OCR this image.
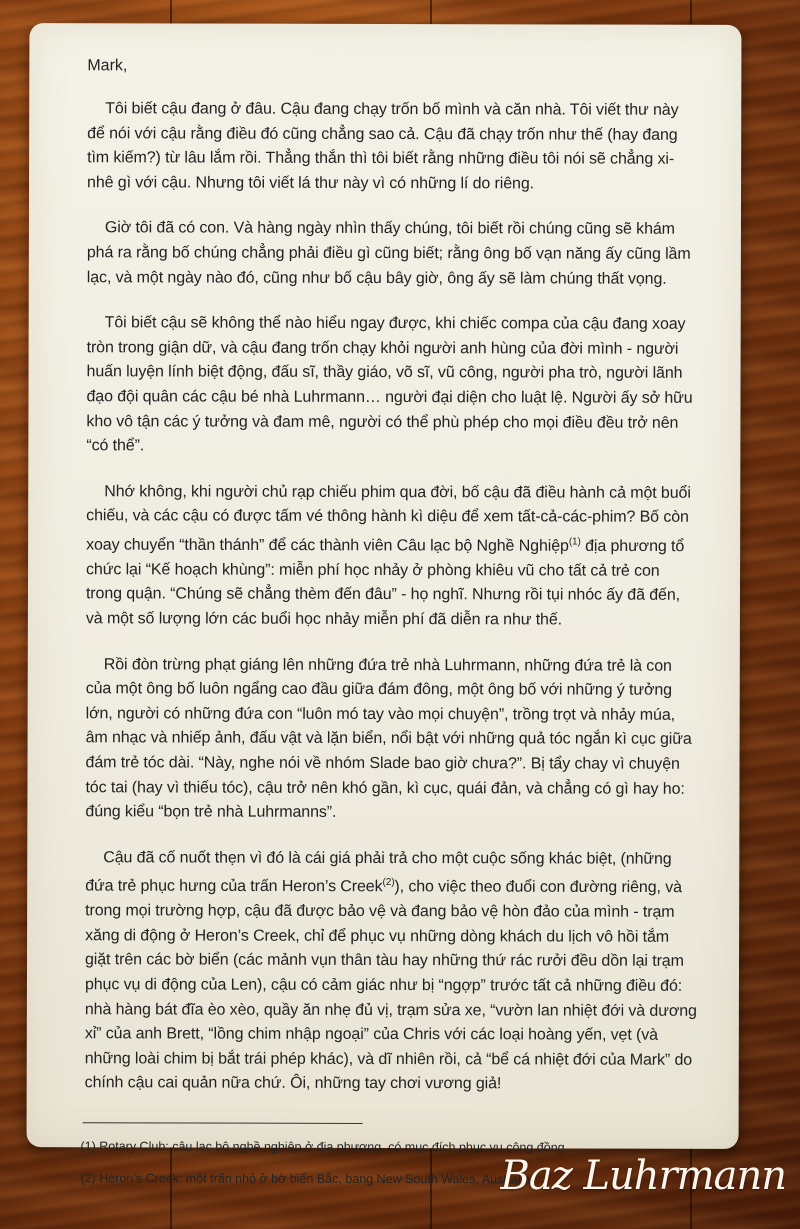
Mark,

Tôi biết cậu đang ở đâu. Cậu đang chạy trốn bố mình và căn nhà. Tôi viết thư này để nói với cậu rằng điều đó cũng chẳng sao cả. Cậu đã chạy trốn như thế (hay đang tìm kiếm?) từ lâu lắm rồi. Thẳng thắn thì tôi biết rằng những điều tôi nói sẽ chẳng xi-nhê gì với cậu. Nhưng tôi viết lá thư này vì có những lí do riêng.

Giờ tôi đã có con. Và hàng ngày nhìn thấy chúng, tôi biết rồi chúng cũng sẽ khám phá ra rằng bố chúng chẳng phải điều gì cũng biết; rằng ông bố vạn năng ấy cũng lầm lạc, và một ngày nào đó, cũng như bố cậu bây giờ, ông ấy sẽ làm chúng thất vọng.

Tôi biết cậu sẽ không thể nào hiểu ngay được, khi chiếc compa của cậu đang xoay tròn trong giận dữ, và cậu đang trốn chạy khỏi người anh hùng của đời mình - người huấn luyện lính biệt động, đấu sĩ, thầy giáo, võ sĩ, vũ công, người pha trò, người lãnh đạo đội quân các cậu bé nhà Luhrmann… người đại diện cho luật lệ. Người ấy sở hữu kho vô tận các ý tưởng và đam mê, người có thể phù phép cho mọi điều đều trở nên “có thể”.

Nhớ không, khi người chủ rạp chiếu phim qua đời, bố cậu đã điều hành cả một buổi chiếu, và các cậu có được tấm vé thông hành kì diệu để xem tất-cả-các-phim? Bố còn xoay chuyển “thần thánh” để các thành viên Câu lạc bộ Nghề Nghiệp$^{(1)}$ địa phương tổ chức lại “Kế hoạch khùng”: miễn phí học nhảy ở phòng khiêu vũ cho tất cả trẻ con trong quận. “Chúng sẽ chẳng thèm đến đâu” - họ nghĩ. Nhưng rồi tụi nhóc ấy đã đến, và một số lượng lớn các buổi học nhảy miễn phí đã diễn ra như thế.

Rồi đòn trừng phạt giáng lên những đứa trẻ nhà Luhrmann, những đứa trẻ là con của một ông bố luôn ngẩng cao đầu giữa đám đông, một ông bố với những ý tưởng lớn, người có những đứa con “luôn mó tay vào mọi chuyện”, trồng trọt và nhảy múa, âm nhạc và nhiếp ảnh, đấu vật và lặn biển, nổi bật với những quả tóc ngắn kì cục giữa đám trẻ tóc dài. “Này, nghe nói về nhóm Slade bao giờ chưa?”. Bị tẩy chay vì chuyện tóc tai (hay vì thiếu tóc), cậu trở nên khó gần, kì cục, quái đản, và chẳng có gì hay ho: đúng kiểu “bọn trẻ nhà Luhrmanns”.

Cậu đã cố nuốt thẹn vì đó là cái giá phải trả cho một cuộc sống khác biệt, (những đứa trẻ phục hưng của trấn Heron’s Creek$^{(2)}$), cho việc theo đuổi con đường riêng, và trong mọi trường hợp, cậu đã được bảo vệ và đang bảo vệ hòn đảo của mình - trạm xăng di động ở Heron’s Creek, chỉ để phục vụ những dòng khách du lịch vô hồi tắm giặt trên các bờ biển (các mảnh vụn thân tàu hay những thứ rác rưởi đều dồn lại trạm phục vụ di động của Len), cậu có cảm giác như bị “ngợp” trước tất cả những điều đó: nhà hàng bát đĩa èo xèo, quầy ăn nhẹ đủ vị, trạm sửa xe, “vườn lan nhiệt đới và dương xỉ” của anh Brett, “lồng chim nhập ngoại” của Chris với các loại hoàng yến, vẹt (và những loài chim bị bắt trái phép khác), và dĩ nhiên rồi, cả “bể cá nhiệt đới của Mark” do chính cậu cai quản nữa chứ. Ôi, những tay chơi vương giả!

(1) Rotary Club: câu lạc bộ nghề nghiệp ở địa phương, có mục đích phục vụ cộng đồng.
(2) Heron’s Creek: một trấn nhỏ ở bờ biển Bắc, bang New South Wales, Australia.
Baz Luhrmann
